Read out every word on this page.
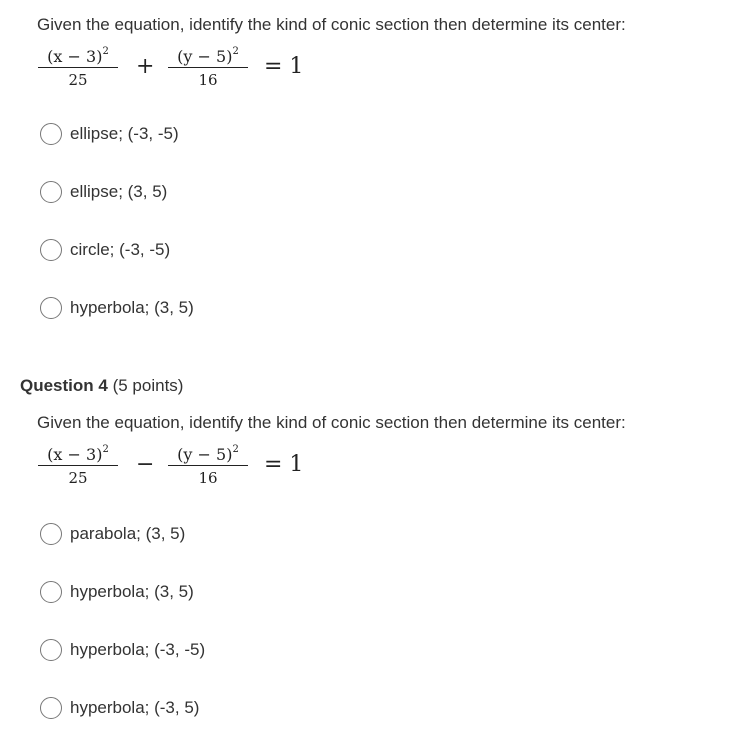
Given the equation, identify the kind of conic section then determine its center:
$(x - 3)^2$
25
+	$(y - 5)^2$
16
= 1
ellipse; (-3, -5)
ellipse; (3, 5)
circle; (-3, -5)
hyperbola; (3, 5)
Question 4 (5 points)
Given the equation, identify the kind of conic section then determine its center:
$(x - 3)^2$
25
−	$(y - 5)^2$
16
= 1
parabola; (3, 5)
hyperbola; (3, 5)
hyperbola; (-3, -5)
hyperbola; (-3, 5)
